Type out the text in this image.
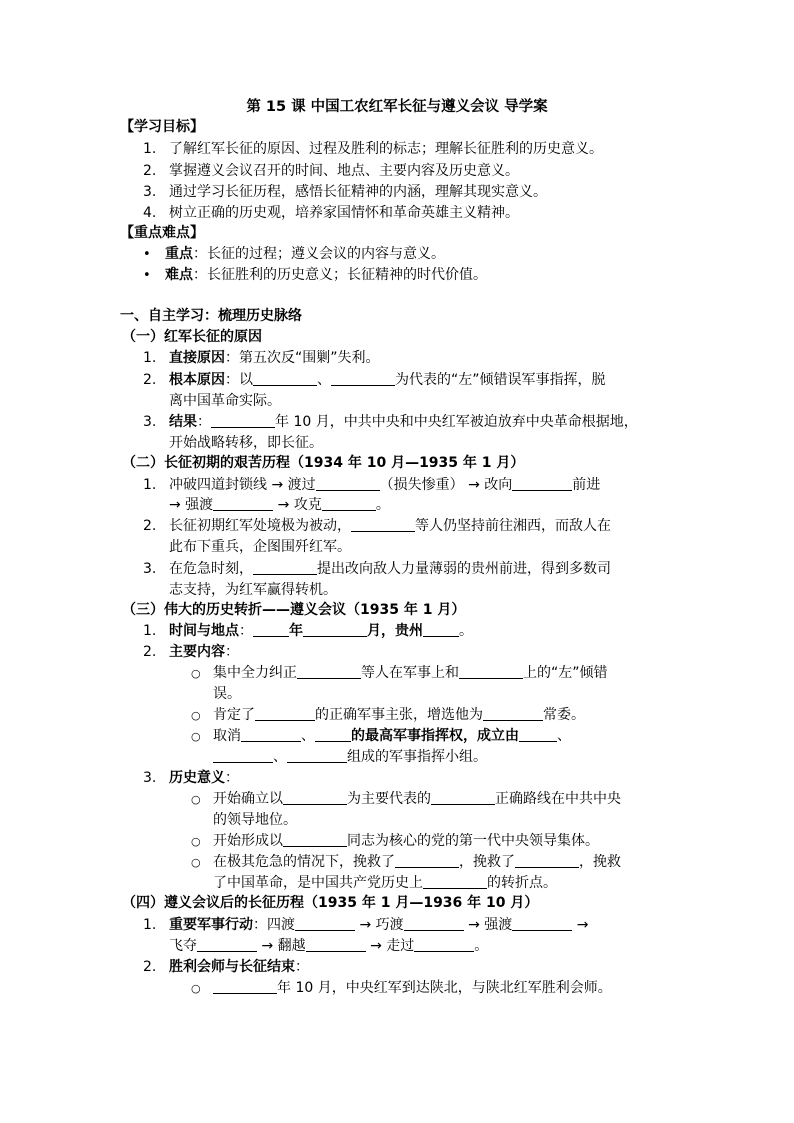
第 15 课 中国工农红军长征与遵义会议 导学案
【学习目标】
1. 了解红军长征的原因、过程及胜利的标志；理解长征胜利的历史意义。
2. 掌握遵义会议召开的时间、地点、主要内容及历史意义。
3. 通过学习长征历程，感悟长征精神的内涵，理解其现实意义。
4. 树立正确的历史观，培养家国情怀和革命英雄主义精神。
【重点难点】
• 重点：长征的过程；遵义会议的内容与意义。
• 难点：长征胜利的历史意义；长征精神的时代价值。
一、自主学习：梳理历史脉络
（一）红军长征的原因
1. 直接原因：第五次反“围剿”失利。
2. 根本原因：以	、	为代表的“左”倾错误军事指挥，脱
离中国革命实际。
3. 结果：	年 10 月，中共中央和中央红军被迫放弃中央革命根据地，
开始战略转移，即长征。
（二）长征初期的艰苦历程（1934 年 10 月—1935 年 1 月）
1. 冲破四道封锁线 → 渡过	（损失惨重） → 改向	前进
→ 强渡	→ 攻克	。
2. 长征初期红军处境极为被动，	等人仍坚持前往湘西，而敌人在
此布下重兵，企图围歼红军。
3. 在危急时刻，	提出改向敌人力量薄弱的贵州前进，得到多数司
志支持，为红军赢得转机。
（三）伟大的历史转折——遵义会议（1935 年 1 月）
1. 时间与地点：	年	月，贵州	。
2. 主要内容：
○ 集中全力纠正	等人在军事上和	上的“左”倾错
误。
○ 肯定了	的正确军事主张，增选他为	常委。
○ 取消	、	的最高军事指挥权，成立由	、
、	组成的军事指挥小组。
3. 历史意义：
○ 开始确立以	为主要代表的	正确路线在中共中央
的领导地位。
○ 开始形成以	同志为核心的党的第一代中央领导集体。
○ 在极其危急的情况下，挽救了	，挽救了	，挽救
了中国革命，是中国共产党历史上	的转折点。
（四）遵义会议后的长征历程（1935 年 1 月—1936 年 10 月）
1. 重要军事行动：四渡	→ 巧渡	→ 强渡	→
飞夺	→ 翻越	→ 走过	。
2. 胜利会师与长征结束：
○	年 10 月，中央红军到达陕北，与陕北红军胜利会师。
